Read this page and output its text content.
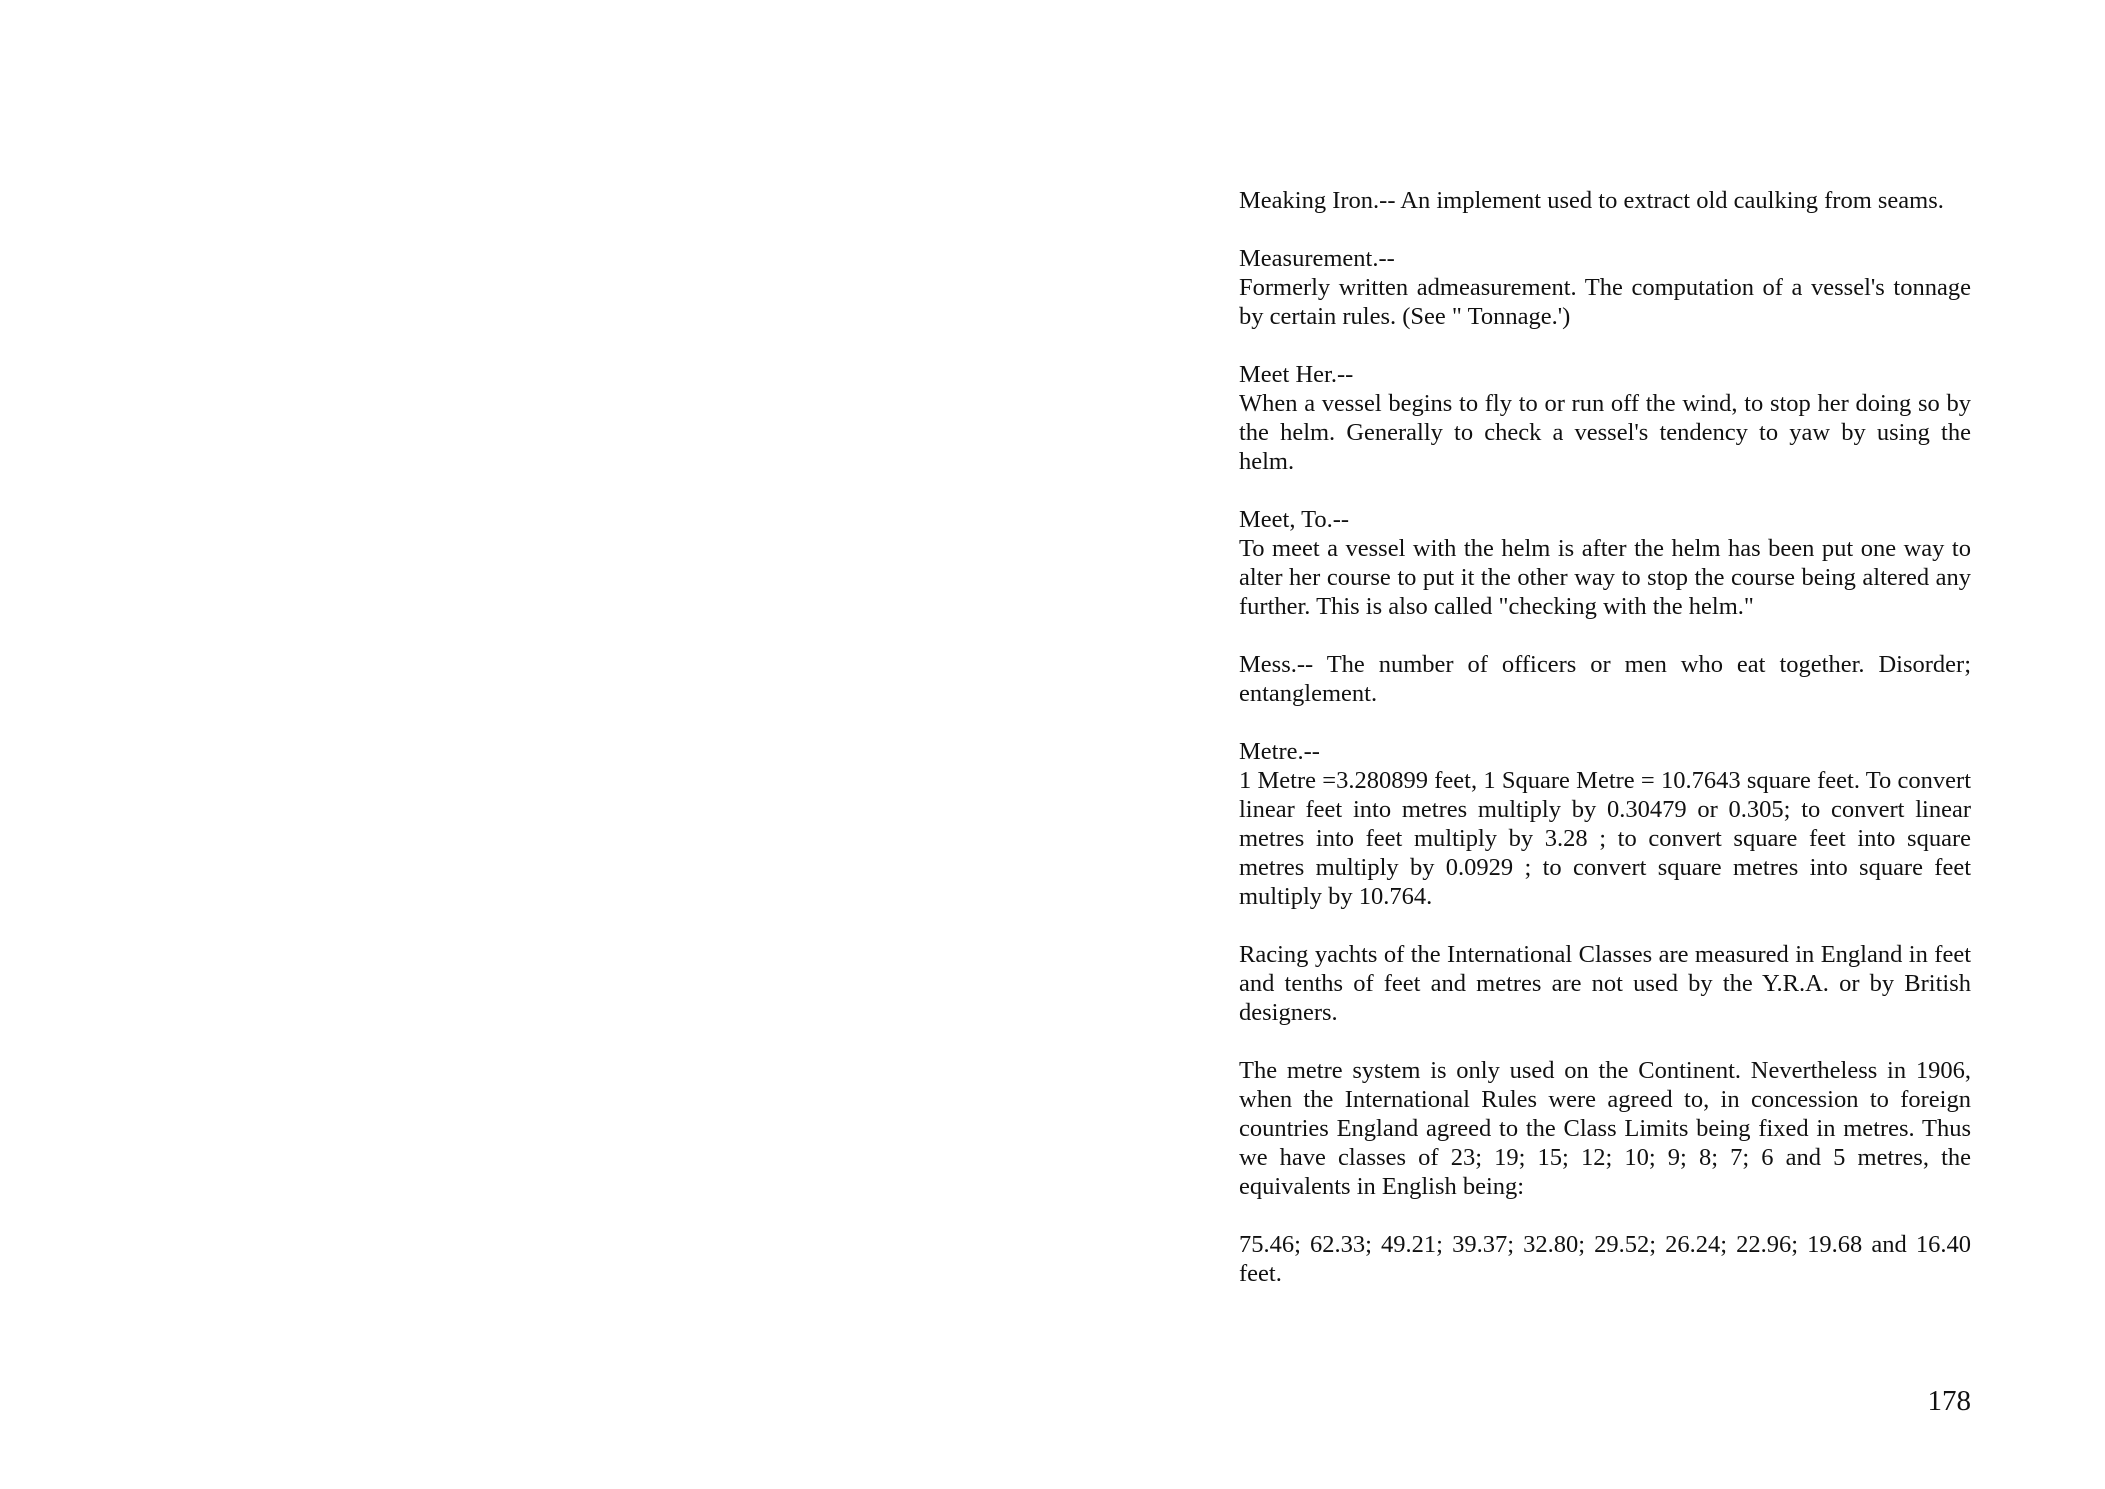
Meaking Iron.-- An implement used to extract old caulking from seams.
Measurement.--
Formerly written admeasurement. The computation of a vessel's tonnage by certain rules. (See " Tonnage.')
Meet Her.--
When a vessel begins to fly to or run off the wind, to stop her doing so by the helm. Generally to check a vessel's tendency to yaw by using the helm.
Meet, To.--
To meet a vessel with the helm is after the helm has been put one way to alter her course to put it the other way to stop the course being altered any further. This is also called "checking with the helm."

Mess.-- The number of officers or men who eat together. Disorder; entanglement.

Metre.--
1 Metre =3.280899 feet, 1 Square Metre = 10.7643 square feet. To convert linear feet into metres multiply by 0.30479 or 0.305; to convert linear metres into feet multiply by 3.28 ; to convert square feet into square metres multiply by 0.0929 ; to convert square metres into square feet multiply by 10.764.

Racing yachts of the International Classes are measured in England in feet and tenths of feet and metres are not used by the Y.R.A. or by British designers.

The metre system is only used on the Continent. Nevertheless in 1906, when the International Rules were agreed to, in concession to foreign countries England agreed to the Class Limits being fixed in metres. Thus we have classes of 23; 19; 15; 12; 10; 9; 8; 7; 6 and 5 metres, the equivalents in English being:

75.46; 62.33; 49.21; 39.37; 32.80; 29.52; 26.24; 22.96; 19.68 and 16.40 feet.

178
